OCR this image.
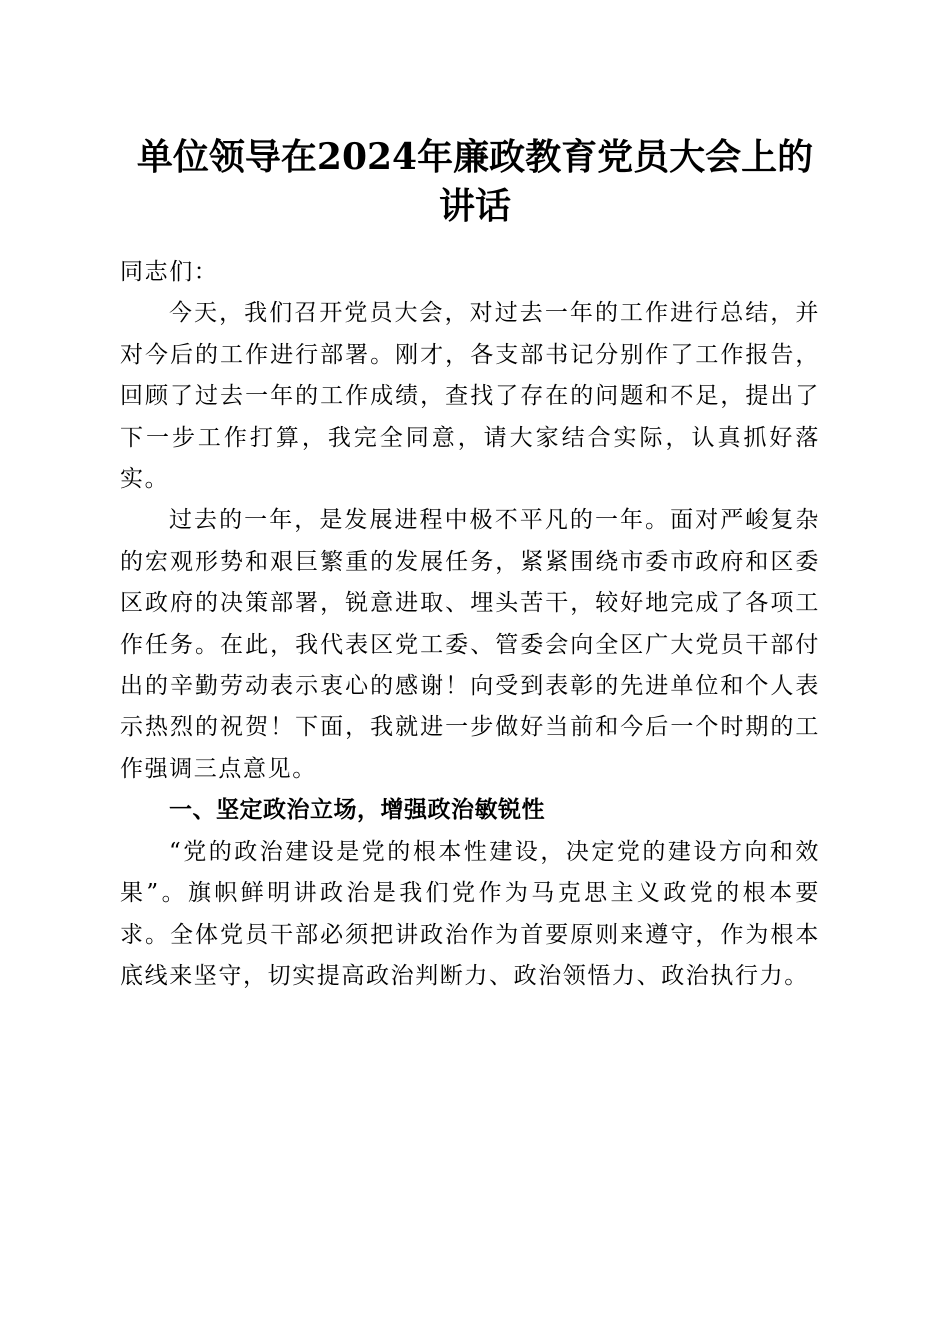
单位领导在2024年廉政教育党员大会上的讲话

同志们：

今天，我们召开党员大会，对过去一年的工作进行总结，并对今后的工作进行部署。刚才，各支部书记分别作了工作报告，回顾了过去一年的工作成绩，查找了存在的问题和不足，提出了下一步工作打算，我完全同意，请大家结合实际，认真抓好落实。

过去的一年，是发展进程中极不平凡的一年。面对严峻复杂的宏观形势和艰巨繁重的发展任务，紧紧围绕市委市政府和区委区政府的决策部署，锐意进取、埋头苦干，较好地完成了各项工作任务。在此，我代表区党工委、管委会向全区广大党员干部付出的辛勤劳动表示衷心的感谢！向受到表彰的先进单位和个人表示热烈的祝贺！下面，我就进一步做好当前和今后一个时期的工作强调三点意见。

一、坚定政治立场，增强政治敏锐性

“党的政治建设是党的根本性建设，决定党的建设方向和效果”。旗帜鲜明讲政治是我们党作为马克思主义政党的根本要求。全体党员干部必须把讲政治作为首要原则来遵守，作为根本底线来坚守，切实提高政治判断力、政治领悟力、政治执行力。
